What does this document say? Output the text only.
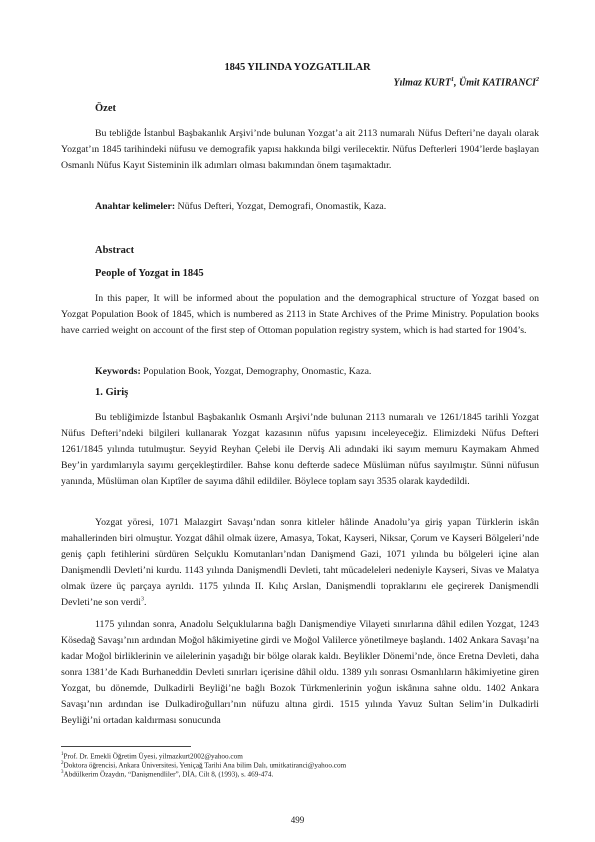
1845 YILINDA YOZGATLILAR
Yılmaz KURT$^1$, Ümit KATIRANCI$^2$
Özet
Bu tebliğde İstanbul Başbakanlık Arşivi’nde bulunan Yozgat’a ait 2113 numaralı Nüfus Defteri’ne dayalı olarak Yozgat’ın 1845 tarihindeki nüfusu ve demografik yapısı hakkında bilgi verilecektir. Nüfus Defterleri 1904’lerde başlayan Osmanlı Nüfus Kayıt Sisteminin ilk adımları olması bakımından önem taşımaktadır.
Anahtar kelimeler: Nüfus Defteri, Yozgat, Demografi, Onomastik, Kaza.
Abstract
People of Yozgat in 1845
In this paper, It will be informed about the population and the demographical structure of Yozgat based on Yozgat Population Book of 1845, which is numbered as 2113 in State Archives of the Prime Ministry. Population books have carried weight on account of the first step of Ottoman population registry system, which is had started for 1904’s.
Keywords: Population Book, Yozgat, Demography, Onomastic, Kaza.
1. Giriş
Bu tebliğimizde İstanbul Başbakanlık Osmanlı Arşivi’nde bulunan 2113 numaralı ve 1261/1845 tarihli Yozgat Nüfus Defteri’ndeki bilgileri kullanarak Yozgat kazasının nüfus yapısını inceleyeceğiz. Elimizdeki Nüfus Defteri 1261/1845 yılında tutulmuştur. Seyyid Reyhan Çelebi ile Derviş Ali adındaki iki sayım memuru Kaymakam Ahmed Bey’in yardımlarıyla sayımı gerçekleştirdiler. Bahse konu defterde sadece Müslüman nüfus sayılmıştır. Sünni nüfusun yanında, Müslüman olan Kıptîler de sayıma dâhil edildiler. Böylece toplam sayı 3535 olarak kaydedildi.
Yozgat yöresi, 1071 Malazgirt Savaşı’ndan sonra kitleler hâlinde Anadolu’ya giriş yapan Türklerin iskân mahallerinden biri olmuştur. Yozgat dâhil olmak üzere, Amasya, Tokat, Kayseri, Niksar, Çorum ve Kayseri Bölgeleri’nde geniş çaplı fetihlerini sürdüren Selçuklu Komutanları’ndan Danişmend Gazi, 1071 yılında bu bölgeleri içine alan Danişmendli Devleti’ni kurdu. 1143 yılında Danişmendli Devleti, taht mücadeleleri nedeniyle Kayseri, Sivas ve Malatya olmak üzere üç parçaya ayrıldı. 1175 yılında II. Kılıç Arslan, Danişmendli topraklarını ele geçirerek Danişmendli Devleti’ne son verdi$^3$.
1175 yılından sonra, Anadolu Selçuklularına bağlı Danişmendiye Vilayeti sınırlarına dâhil edilen Yozgat, 1243 Kösedağ Savaşı’nın ardından Moğol hâkimiyetine girdi ve Moğol Valilerce yönetilmeye başlandı. 1402 Ankara Savaşı’na kadar Moğol birliklerinin ve ailelerinin yaşadığı bir bölge olarak kaldı. Beylikler Dönemi’nde, önce Eretna Devleti, daha sonra 1381’de Kadı Burhaneddin Devleti sınırları içerisine dâhil oldu. 1389 yılı sonrası Osmanlıların hâkimiyetine giren Yozgat, bu dönemde, Dulkadirli Beyliği’ne bağlı Bozok Türkmenlerinin yoğun iskânına sahne oldu. 1402 Ankara Savaşı’nın ardından ise Dulkadiroğulları’nın nüfuzu altına girdi. 1515 yılında Yavuz Sultan Selim’in Dulkadirli Beyliği’ni ortadan kaldırması sonucunda
$^1$Prof. Dr. Emekli Öğretim Üyesi, yilmazkurt2002@yahoo.com
$^2$Doktora öğrencisi, Ankara Üniversitesi, Yeniçağ Tarihi Ana bilim Dalı, umitkatiranci@yahoo.com
$^3$Abdülkerim Özaydın, “Danişmendliler”, DİA, Cilt 8, (1993), s. 469-474.
499
